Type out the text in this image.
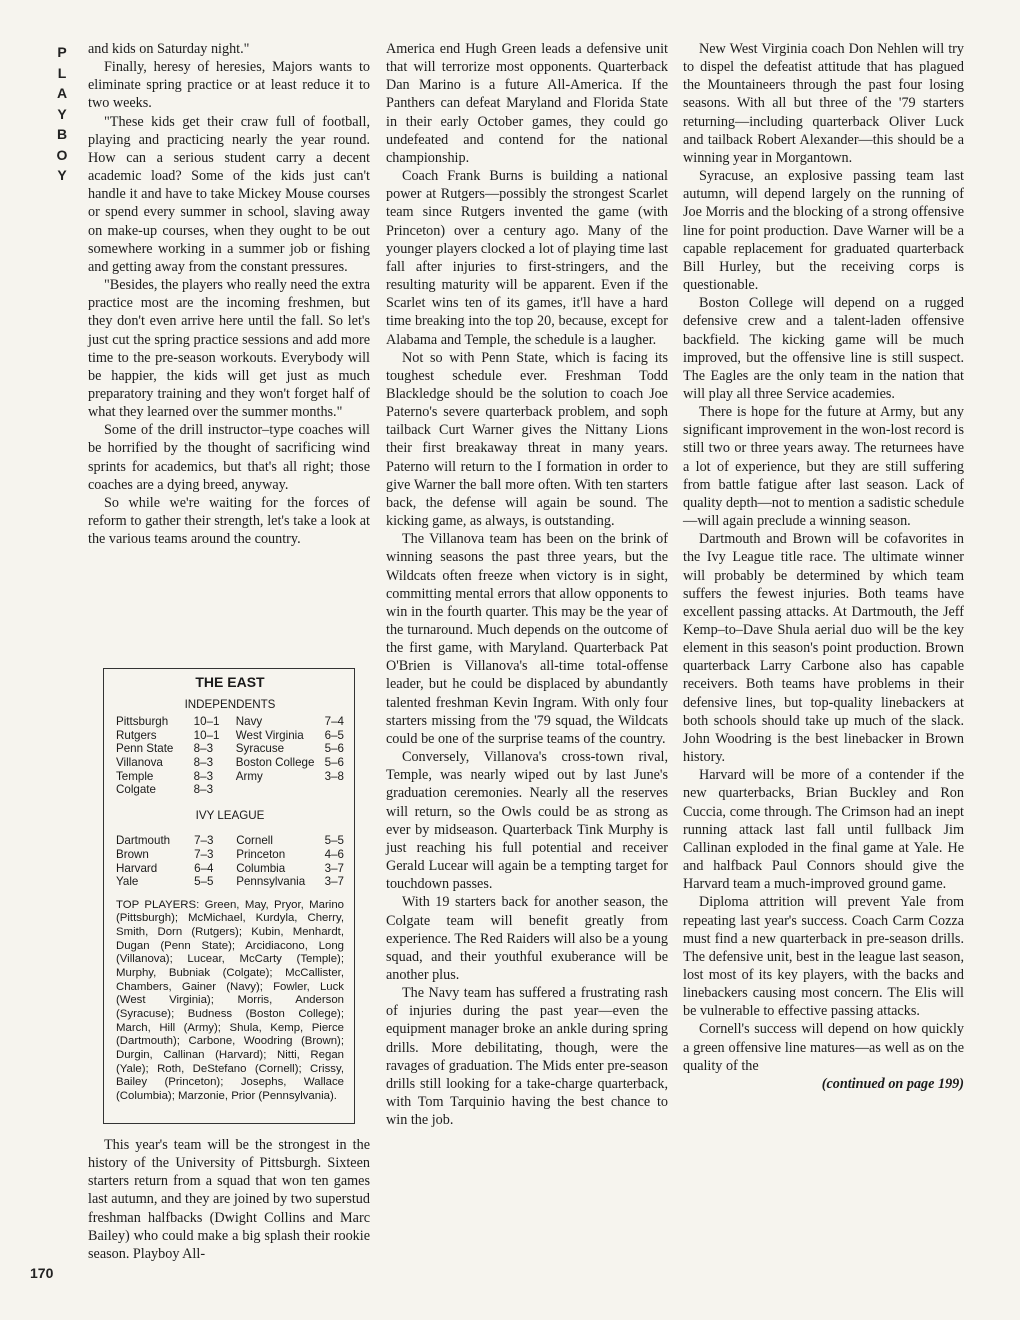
P
L
A
Y
B
O
Y

and kids on Saturday night."

Finally, heresy of heresies, Majors wants to eliminate spring practice or at least reduce it to two weeks.

"These kids get their craw full of football, playing and practicing nearly the year round. How can a serious student carry a decent academic load? Some of the kids just can't handle it and have to take Mickey Mouse courses or spend every summer in school, slaving away on make-up courses, when they ought to be out somewhere working in a summer job or fishing and getting away from the constant pressures.

"Besides, the players who really need the extra practice most are the incoming freshmen, but they don't even arrive here until the fall. So let's just cut the spring practice sessions and add more time to the pre-season workouts. Everybody will be happier, the kids will get just as much preparatory training and they won't forget half of what they learned over the summer months."

Some of the drill instructor–type coaches will be horrified by the thought of sacrificing wind sprints for academics, but that's all right; those coaches are a dying breed, anyway.

So while we're waiting for the forces of reform to gather their strength, let's take a look at the various teams around the country.

THE EAST
INDEPENDENTS
Pittsburgh	10–1	Navy	7–4
Rutgers	10–1	West Virginia	6–5
Penn State	8–3	Syracuse	5–6
Villanova	8–3	Boston College	5–6
Temple	8–3	Army	3–8
Colgate	8–3		
IVY LEAGUE
Dartmouth	7–3	Cornell	5–5
Brown	7–3	Princeton	4–6
Harvard	6–4	Columbia	3–7
Yale	5–5	Pennsylvania	3–7
TOP PLAYERS: Green, May, Pryor, Marino (Pittsburgh); McMichael, Kurdyla, Cherry, Smith, Dorn (Rutgers); Kubin, Menhardt, Dugan (Penn State); Arcidiacono, Long (Villanova); Lucear, McCarty (Temple); Murphy, Bubniak (Colgate); McCallister, Chambers, Gainer (Navy); Fowler, Luck (West Virginia); Morris, Anderson (Syracuse); Budness (Boston College); March, Hill (Army); Shula, Kemp, Pierce (Dartmouth); Carbone, Woodring (Brown); Durgin, Callinan (Harvard); Nitti, Regan (Yale); Roth, DeStefano (Cornell); Crissy, Bailey (Princeton); Josephs, Wallace (Columbia); Marzonie, Prior (Pennsylvania).

This year's team will be the strongest in the history of the University of Pittsburgh. Sixteen starters return from a squad that won ten games last autumn, and they are joined by two superstud freshman halfbacks (Dwight Collins and Marc Bailey) who could make a big splash their rookie season. Playboy All-

America end Hugh Green leads a defensive unit that will terrorize most opponents. Quarterback Dan Marino is a future All-America. If the Panthers can defeat Maryland and Florida State in their early October games, they could go undefeated and contend for the national championship.

Coach Frank Burns is building a national power at Rutgers—possibly the strongest Scarlet team since Rutgers invented the game (with Princeton) over a century ago. Many of the younger players clocked a lot of playing time last fall after injuries to first-stringers, and the resulting maturity will be apparent. Even if the Scarlet wins ten of its games, it'll have a hard time breaking into the top 20, because, except for Alabama and Temple, the schedule is a laugher.

Not so with Penn State, which is facing its toughest schedule ever. Freshman Todd Blackledge should be the solution to coach Joe Paterno's severe quarterback problem, and soph tailback Curt Warner gives the Nittany Lions their first breakaway threat in many years. Paterno will return to the I formation in order to give Warner the ball more often. With ten starters back, the defense will again be sound. The kicking game, as always, is outstanding.

The Villanova team has been on the brink of winning seasons the past three years, but the Wildcats often freeze when victory is in sight, committing mental errors that allow opponents to win in the fourth quarter. This may be the year of the turnaround. Much depends on the outcome of the first game, with Maryland. Quarterback Pat O'Brien is Villanova's all-time total-offense leader, but he could be displaced by abundantly talented freshman Kevin Ingram. With only four starters missing from the '79 squad, the Wildcats could be one of the surprise teams of the country.

Conversely, Villanova's cross-town rival, Temple, was nearly wiped out by last June's graduation ceremonies. Nearly all the reserves will return, so the Owls could be as strong as ever by midseason. Quarterback Tink Murphy is just reaching his full potential and receiver Gerald Lucear will again be a tempting target for touchdown passes.

With 19 starters back for another season, the Colgate team will benefit greatly from experience. The Red Raiders will also be a young squad, and their youthful exuberance will be another plus.

The Navy team has suffered a frustrating rash of injuries during the past year—even the equipment manager broke an ankle during spring drills. More debilitating, though, were the ravages of graduation. The Mids enter pre-season drills still looking for a take-charge quarterback, with Tom Tarquinio having the best chance to win the job.

New West Virginia coach Don Nehlen will try to dispel the defeatist attitude that has plagued the Mountaineers through the past four losing seasons. With all but three of the '79 starters returning—including quarterback Oliver Luck and tailback Robert Alexander—this should be a winning year in Morgantown.

Syracuse, an explosive passing team last autumn, will depend largely on the running of Joe Morris and the blocking of a strong offensive line for point production. Dave Warner will be a capable replacement for graduated quarterback Bill Hurley, but the receiving corps is questionable.

Boston College will depend on a rugged defensive crew and a talent-laden offensive backfield. The kicking game will be much improved, but the offensive line is still suspect. The Eagles are the only team in the nation that will play all three Service academies.

There is hope for the future at Army, but any significant improvement in the won-lost record is still two or three years away. The returnees have a lot of experience, but they are still suffering from battle fatigue after last season. Lack of quality depth—not to mention a sadistic schedule—will again preclude a winning season.

Dartmouth and Brown will be cofavorites in the Ivy League title race. The ultimate winner will probably be determined by which team suffers the fewest injuries. Both teams have excellent passing attacks. At Dartmouth, the Jeff Kemp–to–Dave Shula aerial duo will be the key element in this season's point production. Brown quarterback Larry Carbone also has capable receivers. Both teams have problems in their defensive lines, but top-quality linebackers at both schools should take up much of the slack. John Woodring is the best linebacker in Brown history.

Harvard will be more of a contender if the new quarterbacks, Brian Buckley and Ron Cuccia, come through. The Crimson had an inept running attack last fall until fullback Jim Callinan exploded in the final game at Yale. He and halfback Paul Connors should give the Harvard team a much-improved ground game.

Diploma attrition will prevent Yale from repeating last year's success. Coach Carm Cozza must find a new quarterback in pre-season drills. The defensive unit, best in the league last season, lost most of its key players, with the backs and linebackers causing most concern. The Elis will be vulnerable to effective passing attacks.

Cornell's success will depend on how quickly a green offensive line matures—as well as on the quality of the

(continued on page 199)

170
